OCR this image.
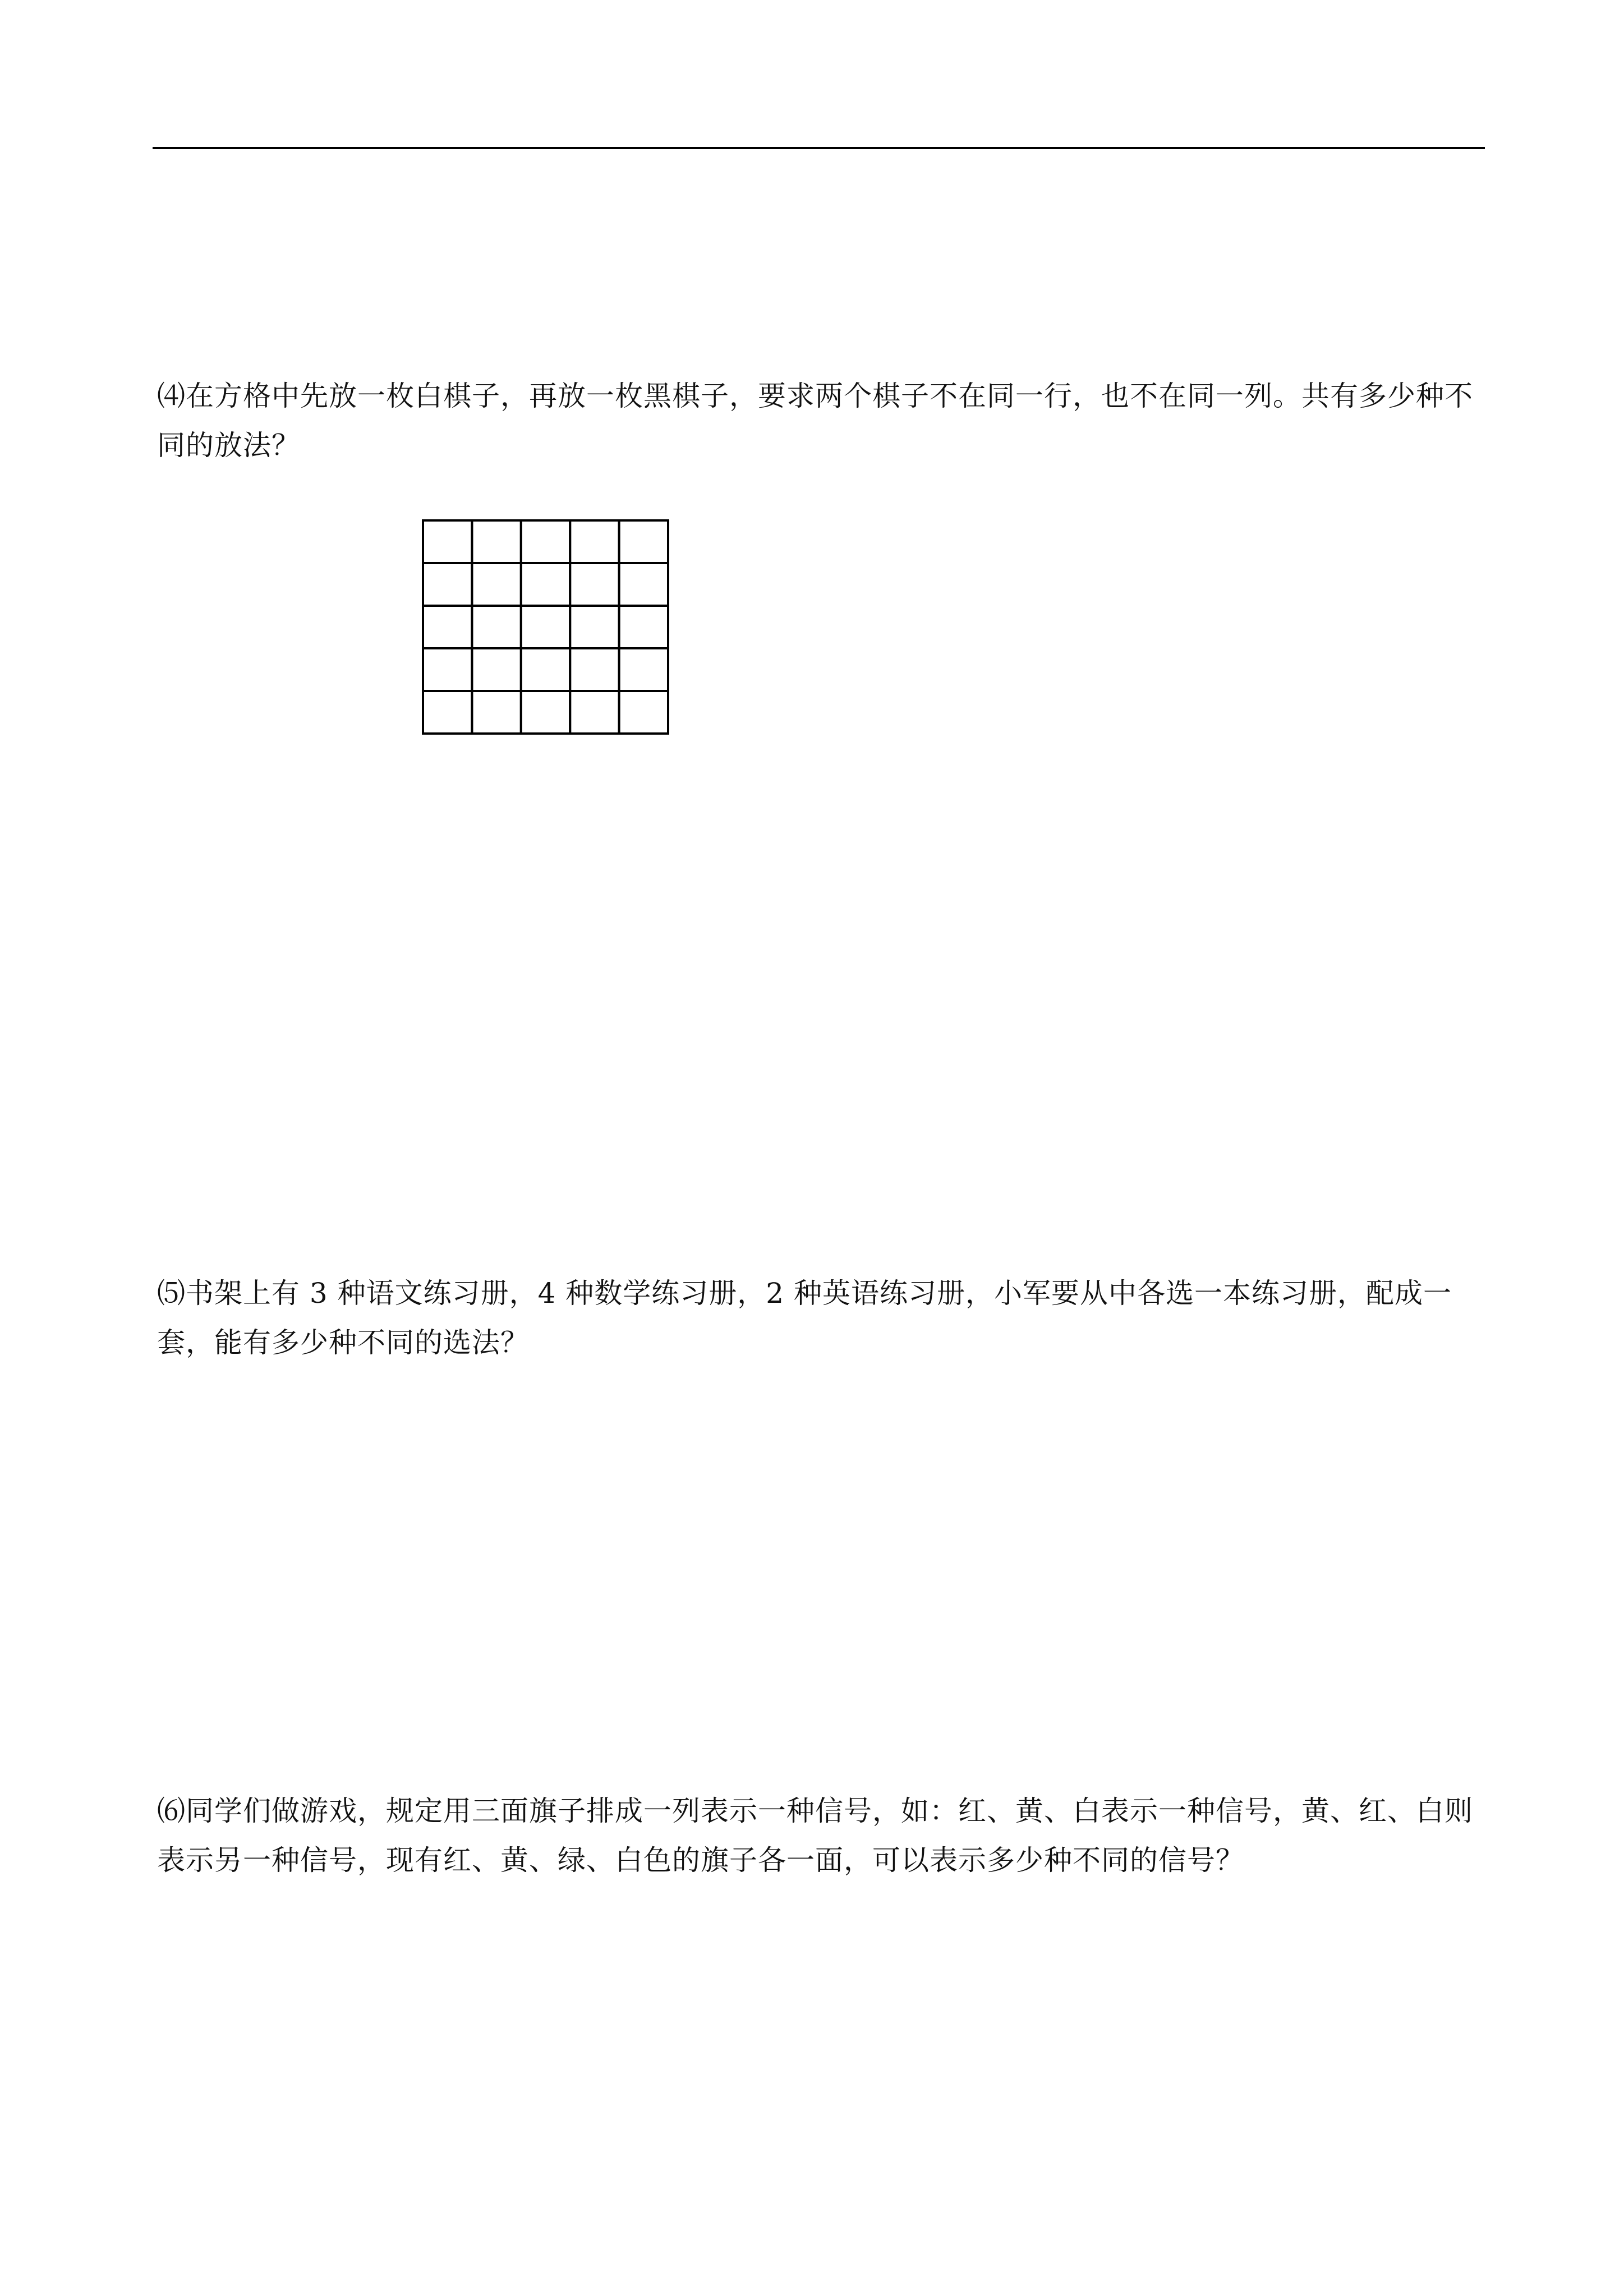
⑷在方格中先放一枚白棋子，再放一枚黑棋子，要求两个棋子不在同一行，也不在同一列。共有多少种不同的放法？

⑸书架上有 3 种语文练习册，4 种数学练习册，2 种英语练习册，小军要从中各选一本练习册，配成一套，能有多少种不同的选法？

⑹同学们做游戏，规定用三面旗子排成一列表示一种信号，如：红、黄、白表示一种信号，黄、红、白则表示另一种信号，现有红、黄、绿、白色的旗子各一面，可以表示多少种不同的信号？
